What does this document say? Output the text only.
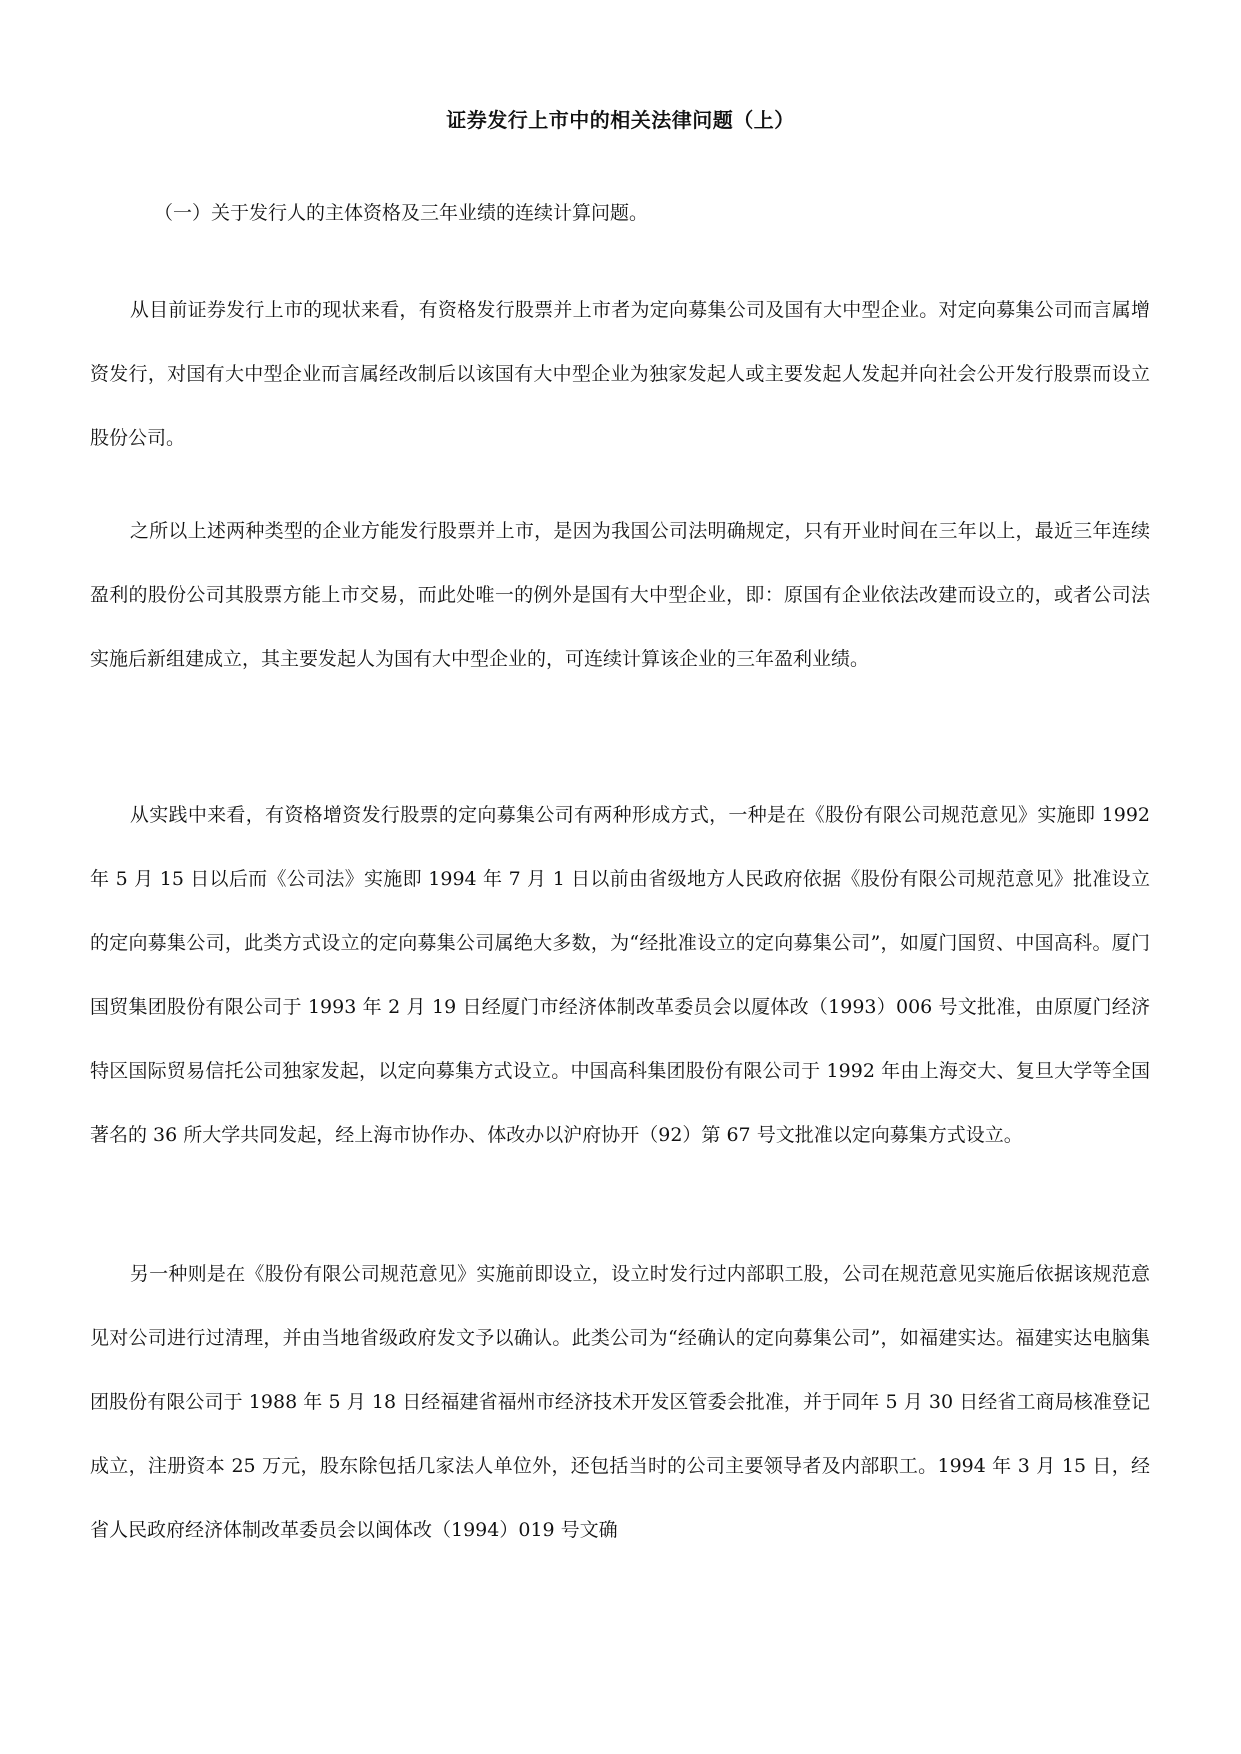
证券发行上市中的相关法律问题（上）
（一）关于发行人的主体资格及三年业绩的连续计算问题。

从目前证券发行上市的现状来看，有资格发行股票并上市者为定向募集公司及国有大中型企业。对定向募集公司而言属增资发行，对国有大中型企业而言属经改制后以该国有大中型企业为独家发起人或主要发起人发起并向社会公开发行股票而设立股份公司。

之所以上述两种类型的企业方能发行股票并上市，是因为我国公司法明确规定，只有开业时间在三年以上，最近三年连续盈利的股份公司其股票方能上市交易，而此处唯一的例外是国有大中型企业，即：原国有企业依法改建而设立的，或者公司法实施后新组建成立，其主要发起人为国有大中型企业的，可连续计算该企业的三年盈利业绩。

从实践中来看，有资格增资发行股票的定向募集公司有两种形成方式，一种是在《股份有限公司规范意见》实施即 1992 年 5 月 15 日以后而《公司法》实施即 1994 年 7 月 1 日以前由省级地方人民政府依据《股份有限公司规范意见》批准设立的定向募集公司，此类方式设立的定向募集公司属绝大多数，为“经批准设立的定向募集公司”，如厦门国贸、中国高科。厦门国贸集团股份有限公司于 1993 年 2 月 19 日经厦门市经济体制改革委员会以厦体改（1993）006 号文批准，由原厦门经济特区国际贸易信托公司独家发起，以定向募集方式设立。中国高科集团股份有限公司于 1992 年由上海交大、复旦大学等全国著名的 36 所大学共同发起，经上海市协作办、体改办以沪府协开（92）第 67 号文批准以定向募集方式设立。

另一种则是在《股份有限公司规范意见》实施前即设立，设立时发行过内部职工股，公司在规范意见实施后依据该规范意见对公司进行过清理，并由当地省级政府发文予以确认。此类公司为“经确认的定向募集公司”，如福建实达。福建实达电脑集团股份有限公司于 1988 年 5 月 18 日经福建省福州市经济技术开发区管委会批准，并于同年 5 月 30 日经省工商局核准登记成立，注册资本 25 万元，股东除包括几家法人单位外，还包括当时的公司主要领导者及内部职工。1994 年 3 月 15 日，经省人民政府经济体制改革委员会以闽体改（1994）019 号文确
